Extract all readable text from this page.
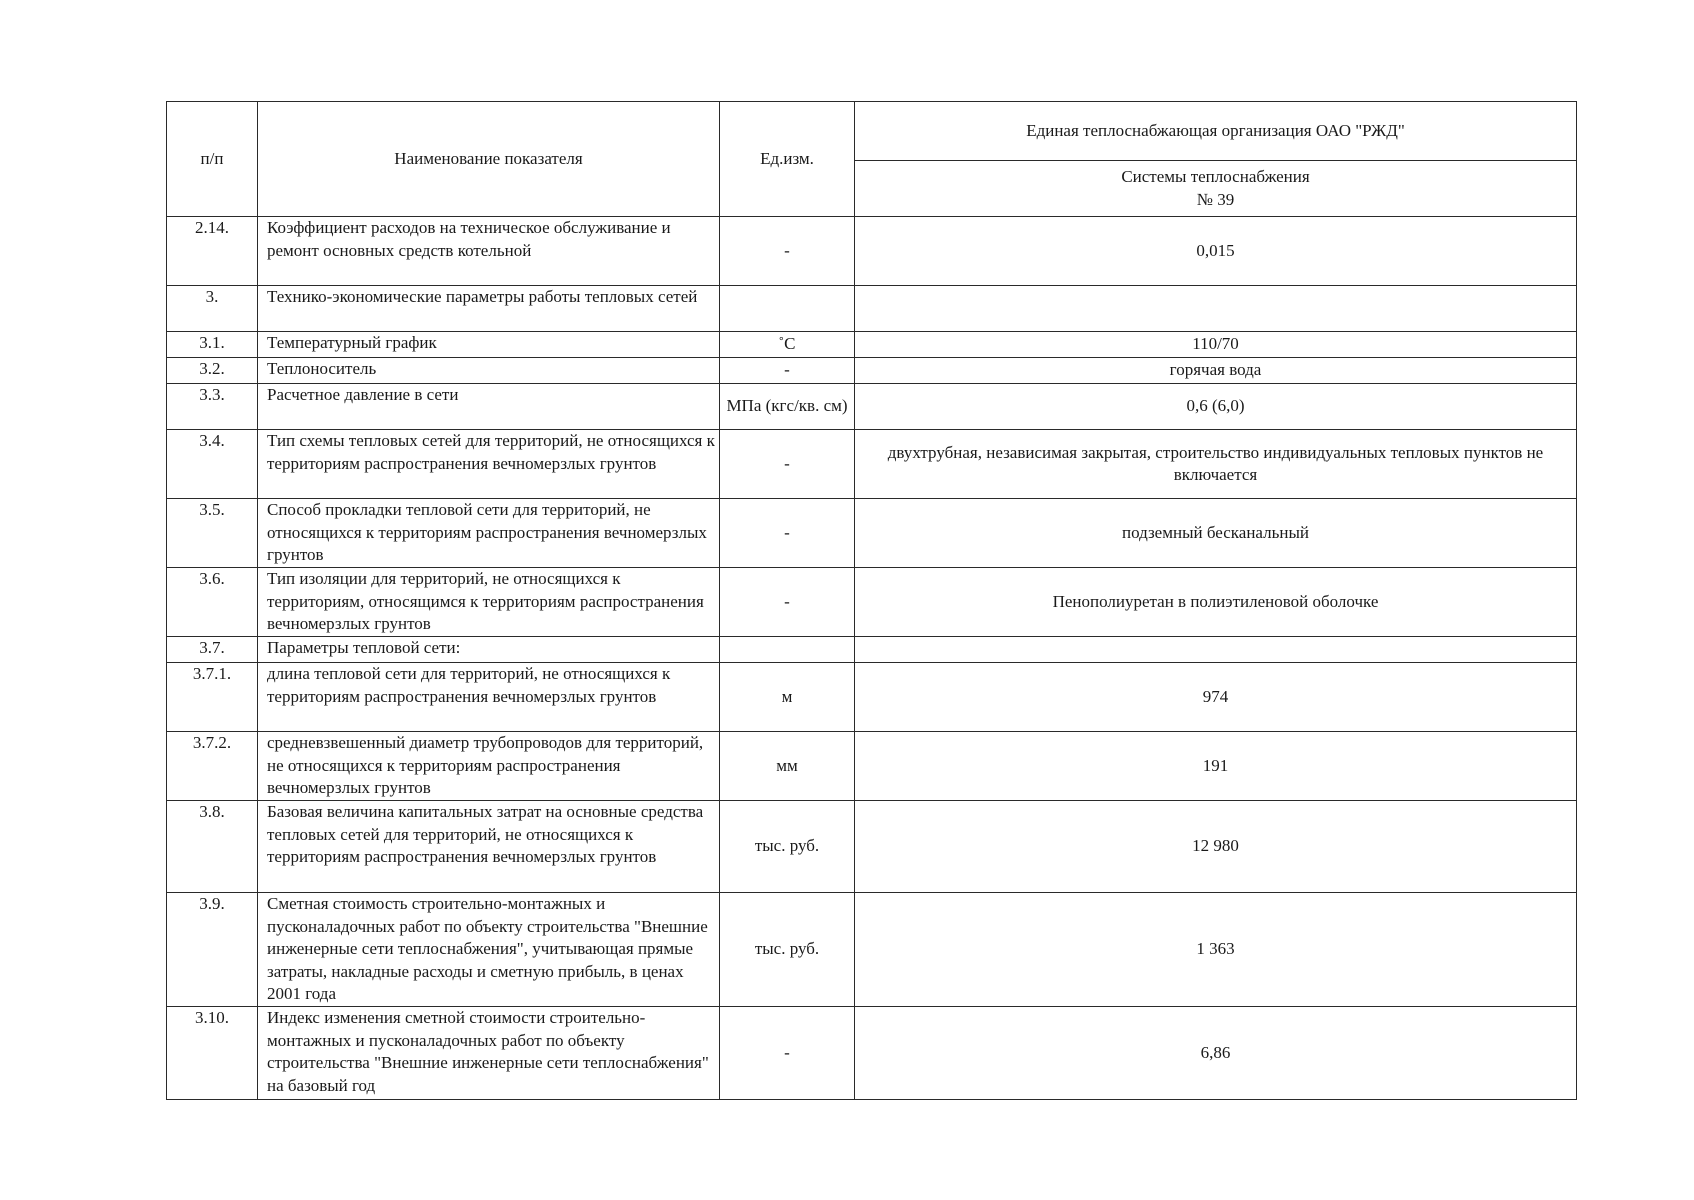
п/п	Наименование показателя	Ед.изм.	Единая теплоснабжающая организация ОАО "РЖД"

			Системы теплоснабжения
№ 39

2.14.	Коэффициент расходов на техническое обслуживание и ремонт основных средств котельной	-	0,015
3.	Технико-экономические параметры работы тепловых сетей		
3.1.	Температурный график	˚C	110/70
3.2.	Теплоноситель	-	горячая вода
3.3.	Расчетное давление в сети	МПа (кгс/кв. см)	0,6 (6,0)
3.4.	Тип схемы тепловых сетей для территорий, не относящихся к территориям распространения вечномерзлых грунтов	-	двухтрубная, независимая закрытая, строительство индивидуальных тепловых пунктов не включается
3.5.	Способ прокладки тепловой сети для территорий, не относящихся к территориям распространения вечномерзлых грунтов	-	подземный бесканальный
3.6.	Тип изоляции для территорий, не относящихся к территориям, относящимся к территориям распространения вечномерзлых грунтов	-	Пенополиуретан в полиэтиленовой оболочке
3.7.	Параметры тепловой сети:		
3.7.1.	длина тепловой сети для территорий, не относящихся к территориям распространения вечномерзлых грунтов	м	974
3.7.2.	средневзвешенный диаметр трубопроводов для территорий, не относящихся к территориям распространения вечномерзлых грунтов	мм	191
3.8.	Базовая величина капитальных затрат на основные средства тепловых сетей для территорий, не относящихся к территориям распространения вечномерзлых грунтов	тыс. руб.	12 980
3.9.	Сметная стоимость строительно-монтажных и пусконаладочных работ по объекту строительства "Внешние инженерные сети теплоснабжения", учитывающая прямые затраты, накладные расходы и сметную прибыль, в ценах 2001 года	тыс. руб.	1 363
3.10.	Индекс изменения сметной стоимости строительно-монтажных и пусконаладочных работ по объекту строительства "Внешние инженерные сети теплоснабжения" на базовый год	-	6,86
